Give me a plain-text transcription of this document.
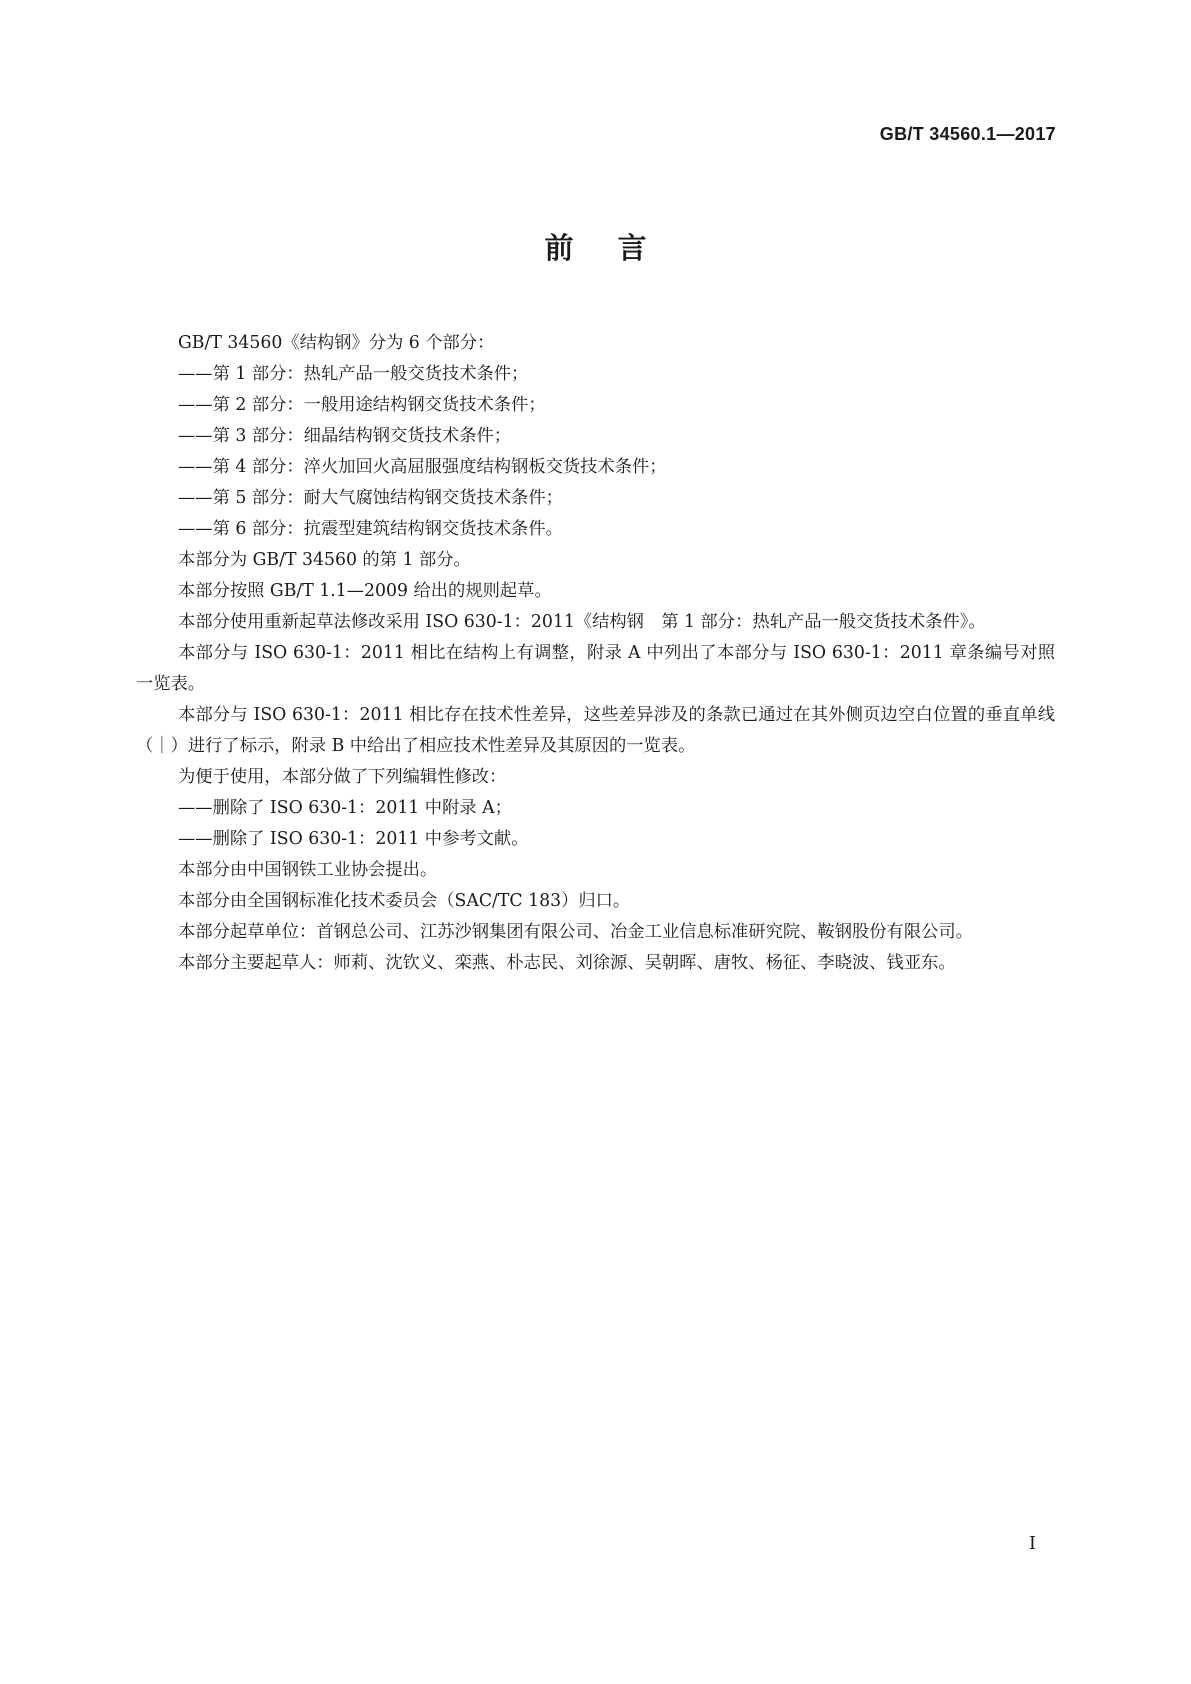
GB/T 34560.1—2017
前言

GB/T 34560《结构钢》分为 6 个部分：

——第 1 部分：热轧产品一般交货技术条件；

——第 2 部分：一般用途结构钢交货技术条件；

——第 3 部分：细晶结构钢交货技术条件；

——第 4 部分：淬火加回火高屈服强度结构钢板交货技术条件；

——第 5 部分：耐大气腐蚀结构钢交货技术条件；

——第 6 部分：抗震型建筑结构钢交货技术条件。

本部分为 GB/T 34560 的第 1 部分。

本部分按照 GB/T 1.1—2009 给出的规则起草。

本部分使用重新起草法修改采用 ISO 630-1：2011《结构钢　第 1 部分：热轧产品一般交货技术条件》。

本部分与 ISO 630-1：2011 相比在结构上有调整，附录 A 中列出了本部分与 ISO 630-1：2011 章条编号对照一览表。

本部分与 ISO 630-1：2011 相比存在技术性差异，这些差异涉及的条款已通过在其外侧页边空白位置的垂直单线（｜）进行了标示，附录 B 中给出了相应技术性差异及其原因的一览表。

为便于使用，本部分做了下列编辑性修改：

——删除了 ISO 630-1：2011 中附录 A；

——删除了 ISO 630-1：2011 中参考文献。

本部分由中国钢铁工业协会提出。

本部分由全国钢标准化技术委员会（SAC/TC 183）归口。

本部分起草单位：首钢总公司、江苏沙钢集团有限公司、冶金工业信息标准研究院、鞍钢股份有限公司。

本部分主要起草人：师莉、沈钦义、栾燕、朴志民、刘徐源、吴朝晖、唐牧、杨征、李晓波、钱亚东。

I
